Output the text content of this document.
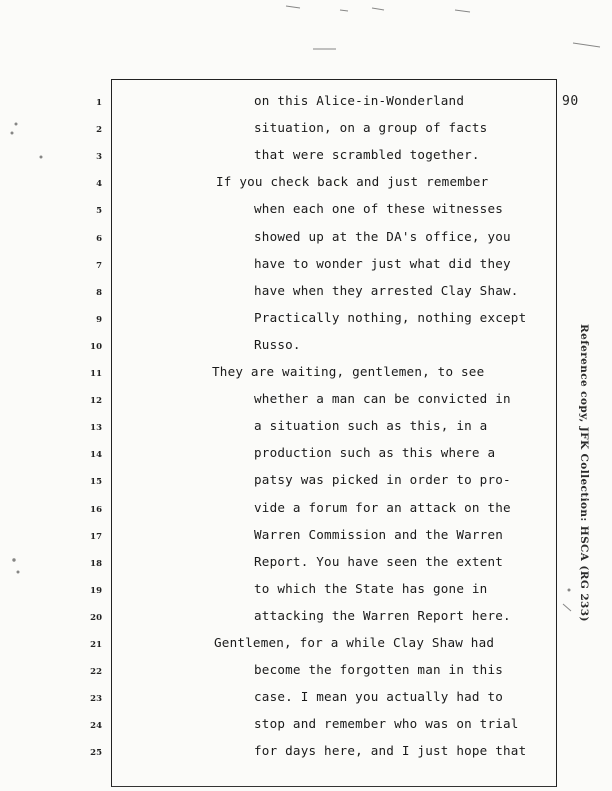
90
Reference copy, JFK Collection: HSCA (RG 233)
1	on this Alice-in-Wonderland
2	situation, on a group of facts
3	that were scrambled together.
4	If you check back and just remember
5	when each one of these witnesses
6	showed up at the DA's office, you
7	have to wonder just what did they
8	have when they arrested Clay Shaw.
9	Practically nothing, nothing except
10	Russo.
11	They are waiting, gentlemen, to see
12	whether a man can be convicted in
13	a situation such as this, in a
14	production such as this where a
15	patsy was picked in order to pro-
16	vide a forum for an attack on the
17	Warren Commission and the Warren
18	Report. You have seen the extent
19	to which the State has gone in
20	attacking the Warren Report here.
21	Gentlemen, for a while Clay Shaw had
22	become the forgotten man in this
23	case. I mean you actually had to
24	stop and remember who was on trial
25	for days here, and I just hope that
